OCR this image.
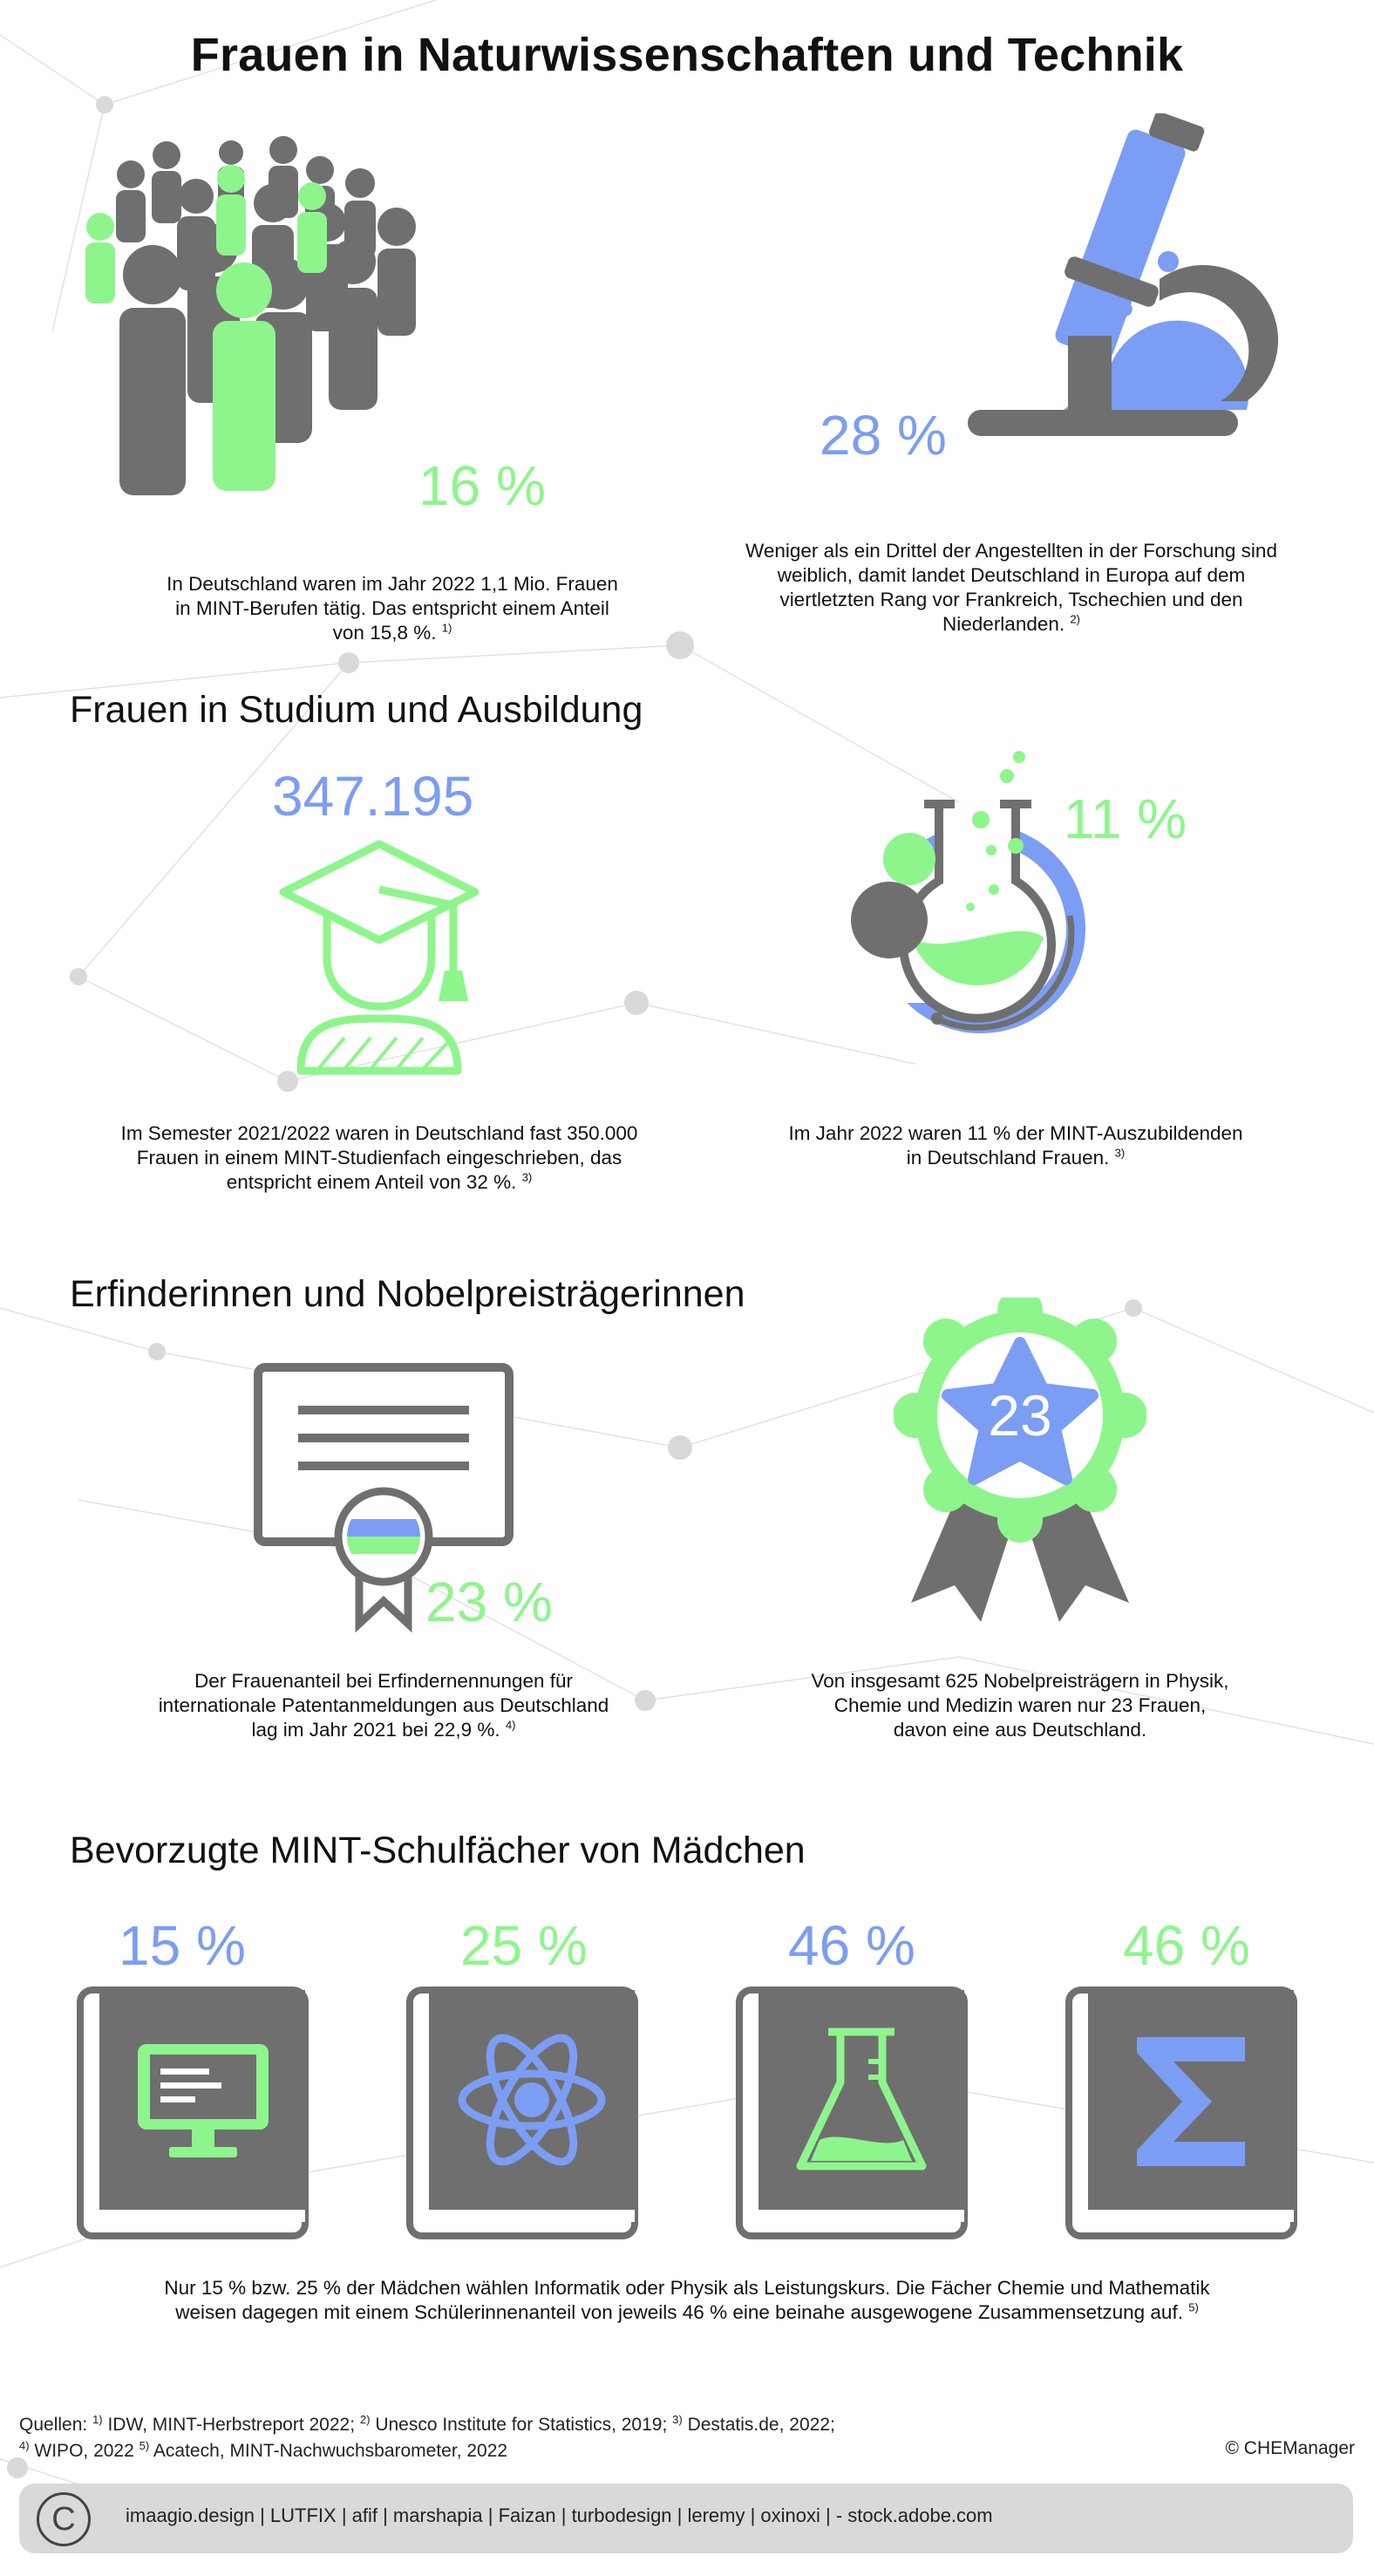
Frauen in Naturwissenschaften und Technik
16 %
In Deutschland waren im Jahr 2022 1,1 Mio. Frauen
in MINT-Berufen tätig. Das entspricht einem Anteil
von 15,8 %. $^{1)}$
28 %
Weniger als ein Drittel der Angestellten in der Forschung sind
weiblich, damit landet Deutschland in Europa auf dem
viertletzten Rang vor Frankreich, Tschechien und den
Niederlanden. $^{2)}$
Frauen in Studium und Ausbildung
347.195
Im Semester 2021/2022 waren in Deutschland fast 350.000
Frauen in einem MINT-Studienfach eingeschrieben, das
entspricht einem Anteil von 32 %. $^{3)}$
11 %
Im Jahr 2022 waren 11 % der MINT-Auszubildenden
in Deutschland Frauen. $^{3)}$
Erfinderinnen und Nobelpreisträgerinnen
23 %
Der Frauenanteil bei Erfindernennungen für
internationale Patentanmeldungen aus Deutschland
lag im Jahr 2021 bei 22,9 %. $^{4)}$
23
Von insgesamt 625 Nobelpreisträgern in Physik,
Chemie und Medizin waren nur 23 Frauen,
davon eine aus Deutschland.
Bevorzugte MINT-Schulfächer von Mädchen
15 %	25 %	46 %	46 %
Nur 15 % bzw. 25 % der Mädchen wählen Informatik oder Physik als Leistungskurs. Die Fächer Chemie und Mathematik
weisen dagegen mit einem Schülerinnenanteil von jeweils 46 % eine beinahe ausgewogene Zusammensetzung auf. $^{5)}$
Quellen: $^{1)}$ IDW, MINT-Herbstreport 2022; $^{2)}$ Unesco Institute for Statistics, 2019; $^{3)}$ Destatis.de, 2022;
$^{4)}$ WIPO, 2022 $^{5)}$ Acatech, MINT-Nachwuchsbarometer, 2022	© CHEManager
C	imaagio.design | LUTFIX | afif | marshapia | Faizan | turbodesign | leremy | oxinoxi | - stock.adobe.com
